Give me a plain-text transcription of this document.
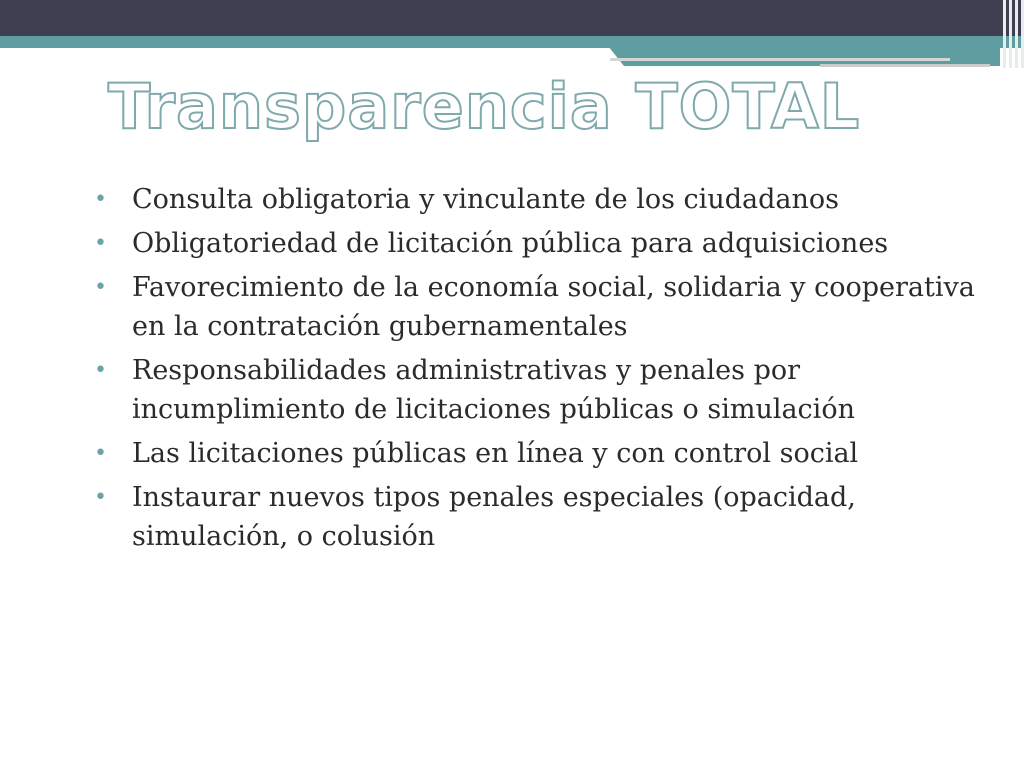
Transparencia TOTAL
• Consulta obligatoria y vinculante de los ciudadanos
• Obligatoriedad de licitación pública para adquisiciones
• Favorecimiento de la economía social, solidaria y cooperativa en la contratación gubernamentales
• Responsabilidades administrativas y penales por incumplimiento de licitaciones públicas o simulación
• Las licitaciones públicas en línea y con control social
• Instaurar nuevos tipos penales especiales (opacidad, simulación, o colusión
